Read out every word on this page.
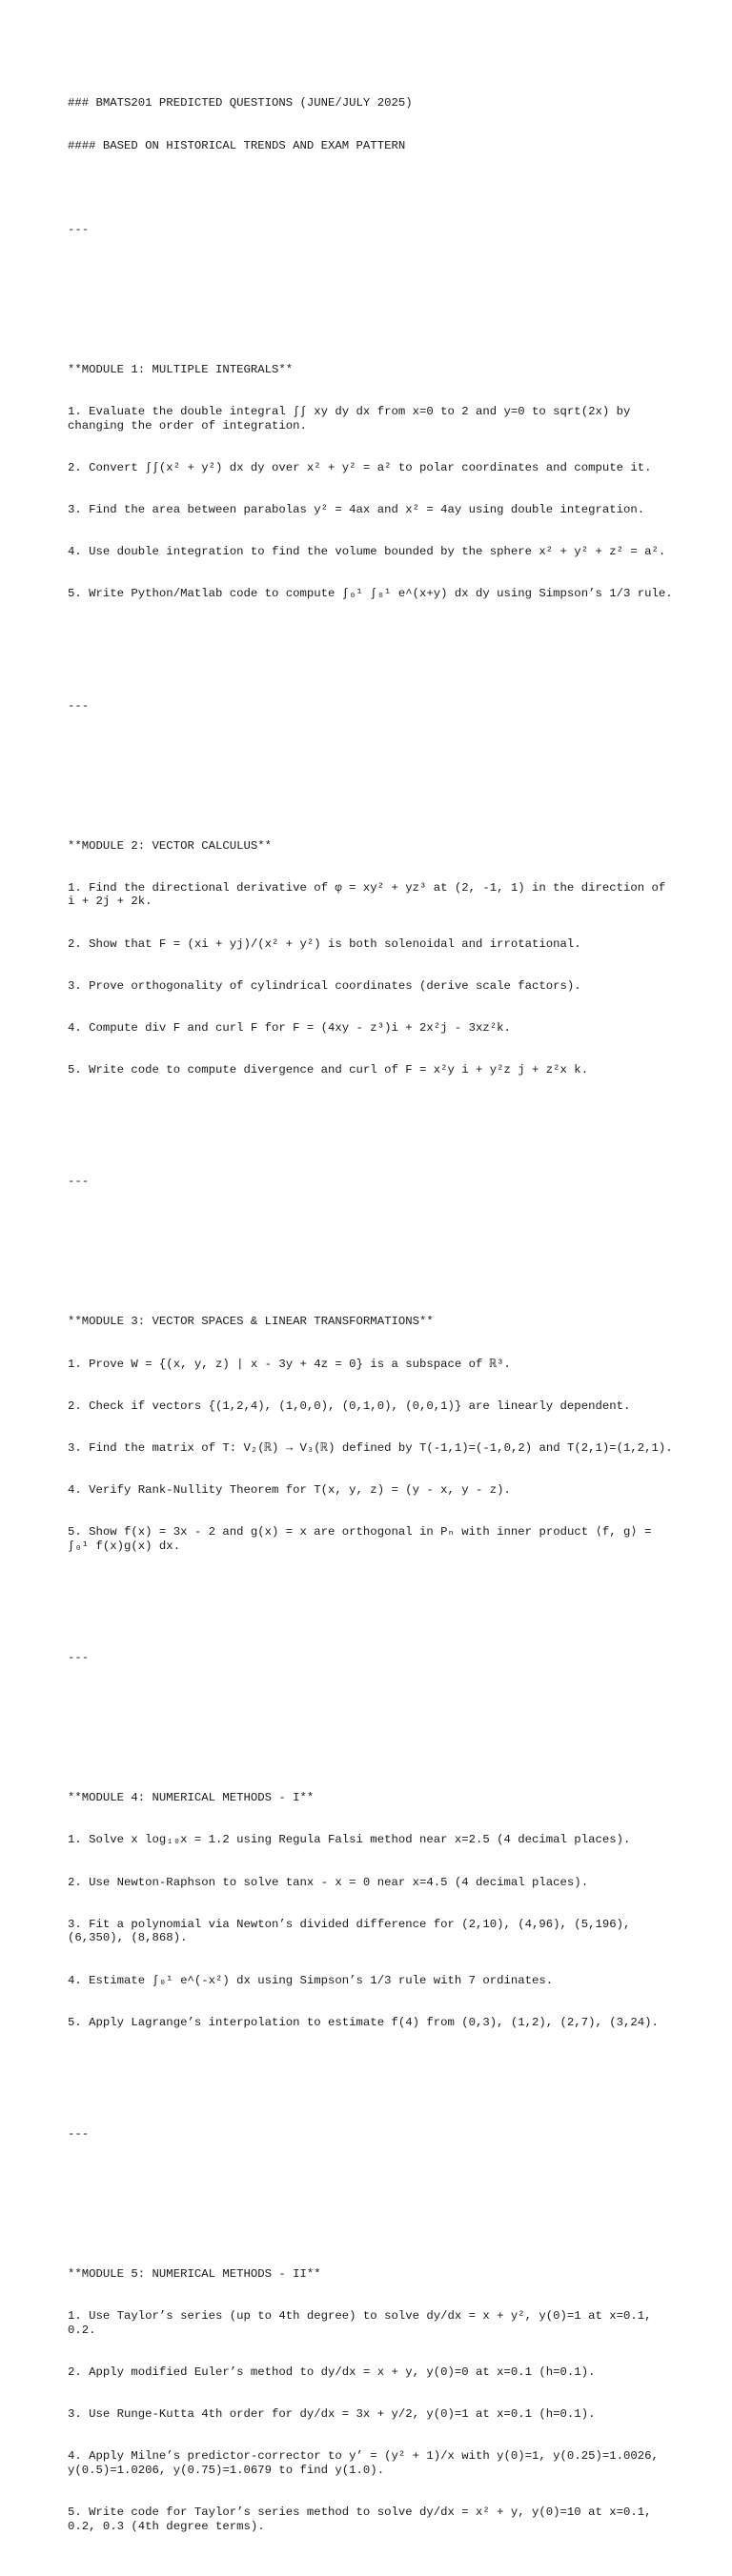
### BMATS201 PREDICTED QUESTIONS (JUNE/JULY 2025)

#### BASED ON HISTORICAL TRENDS AND EXAM PATTERN

---

**MODULE 1: MULTIPLE INTEGRALS**

1. Evaluate the double integral ∫∫ xy dy dx from x=0 to 2 and y=0 to sqrt(2x) by changing the order of integration.

2. Convert ∫∫(x² + y²) dx dy over x² + y² = a² to polar coordinates and compute it.

3. Find the area between parabolas y² = 4ax and x² = 4ay using double integration.

4. Use double integration to find the volume bounded by the sphere x² + y² + z² = a².

5. Write Python/Matlab code to compute ∫₀¹ ∫₀¹ e^(x+y) dx dy using Simpson’s 1/3 rule.

---

**MODULE 2: VECTOR CALCULUS**

1. Find the directional derivative of φ = xy² + yz³ at (2, -1, 1) in the direction of i + 2j + 2k.

2. Show that F = (xi + yj)/(x² + y²) is both solenoidal and irrotational.

3. Prove orthogonality of cylindrical coordinates (derive scale factors).

4. Compute div F and curl F for F = (4xy - z³)i + 2x²j - 3xz²k.

5. Write code to compute divergence and curl of F = x²y i + y²z j + z²x k.

---

**MODULE 3: VECTOR SPACES & LINEAR TRANSFORMATIONS**

1. Prove W = {(x, y, z) | x - 3y + 4z = 0} is a subspace of ℝ³.

2. Check if vectors {(1,2,4), (1,0,0), (0,1,0), (0,0,1)} are linearly dependent.

3. Find the matrix of T: V₂(ℝ) → V₃(ℝ) defined by T(-1,1)=(-1,0,2) and T(2,1)=(1,2,1).

4. Verify Rank-Nullity Theorem for T(x, y, z) = (y - x, y - z).

5. Show f(x) = 3x - 2 and g(x) = x are orthogonal in Pₙ with inner product ⟨f, g⟩ = ∫₀¹ f(x)g(x) dx.

---

**MODULE 4: NUMERICAL METHODS - I**

1. Solve x log₁₀x = 1.2 using Regula Falsi method near x=2.5 (4 decimal places).

2. Use Newton-Raphson to solve tanx - x = 0 near x=4.5 (4 decimal places).

3. Fit a polynomial via Newton’s divided difference for (2,10), (4,96), (5,196), (6,350), (8,868).

4. Estimate ∫₀¹ e^(-x²) dx using Simpson’s 1/3 rule with 7 ordinates.

5. Apply Lagrange’s interpolation to estimate f(4) from (0,3), (1,2), (2,7), (3,24).

---

**MODULE 5: NUMERICAL METHODS - II**

1. Use Taylor’s series (up to 4th degree) to solve dy/dx = x + y², y(0)=1 at x=0.1, 0.2.

2. Apply modified Euler’s method to dy/dx = x + y, y(0)=0 at x=0.1 (h=0.1).

3. Use Runge-Kutta 4th order for dy/dx = 3x + y/2, y(0)=1 at x=0.1 (h=0.1).

4. Apply Milne’s predictor-corrector to y’ = (y² + 1)/x with y(0)=1, y(0.25)=1.0026, y(0.5)=1.0206, y(0.75)=1.0679 to find y(1.0).

5. Write code for Taylor’s series method to solve dy/dx = x² + y, y(0)=10 at x=0.1, 0.2, 0.3 (4th degree terms).
